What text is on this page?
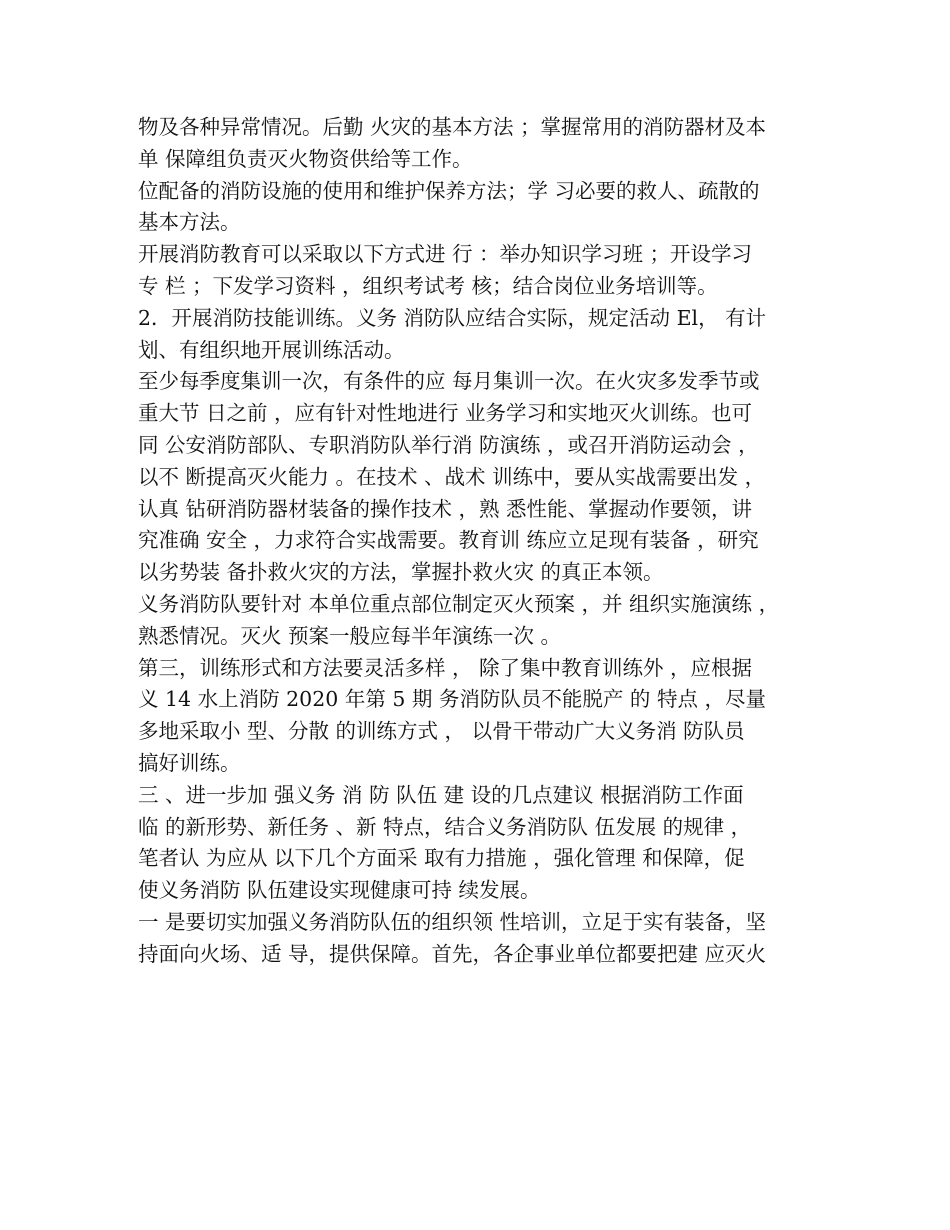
物及各种异常情况。后勤 火灾的基本方法 ；掌握常用的消防器材及本
单 保障组负责灭火物资供给等工作。
位配备的消防设施的使用和维护保养方法；学 习必要的救人、疏散的
基本方法。
开展消防教育可以采取以下方式进 行 ：举办知识学习班 ；开设学习
专 栏 ；下发学习资料 ，组织考试考 核；结合岗位业务培训等。
2．开展消防技能训练。义务 消防队应结合实际，规定活动 El， 有计
划、有组织地开展训练活动。
至少每季度集训一次，有条件的应 每月集训一次。在火灾多发季节或
重大节 日之前 ，应有针对性地进行 业务学习和实地灭火训练。也可
同 公安消防部队、专职消防队举行消 防演练 ，或召开消防运动会 ，
以不 断提高灭火能力 。在技术 、战术 训练中，要从实战需要出发 ，
认真 钻研消防器材装备的操作技术 ，熟 悉性能、掌握动作要领，讲
究准确 安全 ，力求符合实战需要。教育训 练应立足现有装备 ，研究
以劣势装 备扑救火灾的方法，掌握扑救火灾 的真正本领。
义务消防队要针对 本单位重点部位制定灭火预案 ，并 组织实施演练 ，
熟悉情况。灭火 预案一般应每半年演练一次 。
第三，训练形式和方法要灵活多样 ， 除了集中教育训练外 ，应根据
义 14 水上消防 2020 年第 5 期 务消防队员不能脱产 的 特点 ，尽量
多地采取小 型、分散 的训练方式 ， 以骨干带动广大义务消 防队员
搞好训练。
三 、进一步加 强义务 消 防 队伍 建 设的几点建议 根据消防工作面
临 的新形势、新任务 、新 特点，结合义务消防队 伍发展 的规律 ，
笔者认 为应从 以下几个方面采 取有力措施 ，强化管理 和保障，促
使义务消防 队伍建设实现健康可持 续发展。
一 是要切实加强义务消防队伍的组织领 性培训，立足于实有装备，坚
持面向火场、适 导，提供保障。首先，各企事业单位都要把建 应灭火
